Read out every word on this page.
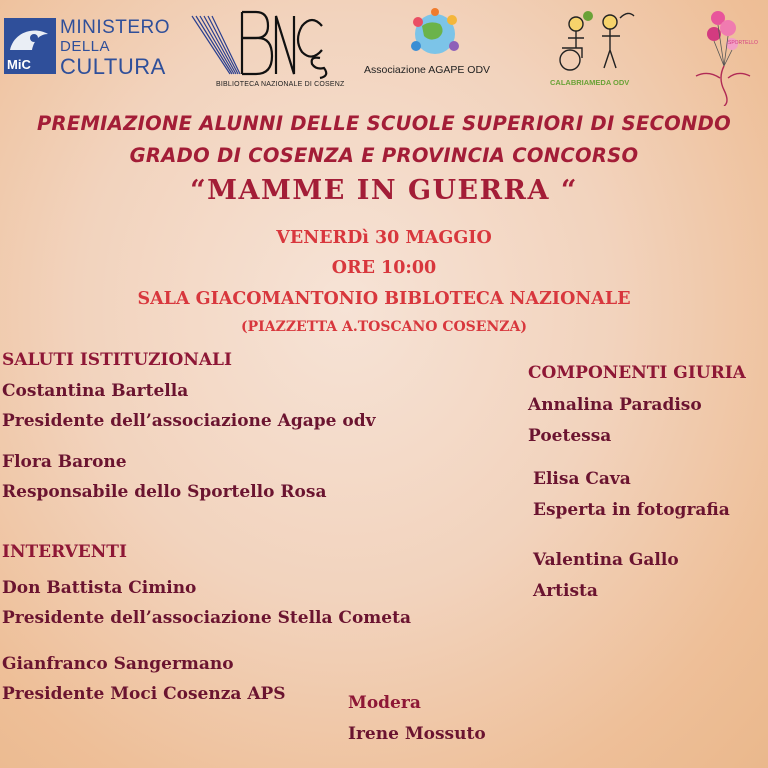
MiC
MINISTERO
DELLA
CULTURA
BIBLIOTECA NAZIONALE DI COSENZ
Associazione AGAPE ODV
CALABRIAMEDA ODV
SPORTELLO
PREMIAZIONE ALUNNI DELLE SCUOLE SUPERIORI DI SECONDO
GRADO DI COSENZA E PROVINCIA CONCORSO
“MAMME IN GUERRA “
VENERDì 30 MAGGIO
ORE 10:00
SALA GIACOMANTONIO BIBLOTECA NAZIONALE
(PIAZZETTA A.TOSCANO COSENZA)
SALUTI ISTITUZIONALI
Costantina Bartella
Presidente dell’associazione Agape odv
Flora Barone
Responsabile dello Sportello Rosa
INTERVENTI
Don Battista Cimino
Presidente dell’associazione Stella Cometa
Gianfranco Sangermano
Presidente Moci Cosenza APS
COMPONENTI GIURIA
Annalina Paradiso
Poetessa
Elisa Cava
Esperta in fotografia
Valentina Gallo
Artista
Modera
Irene Mossuto
